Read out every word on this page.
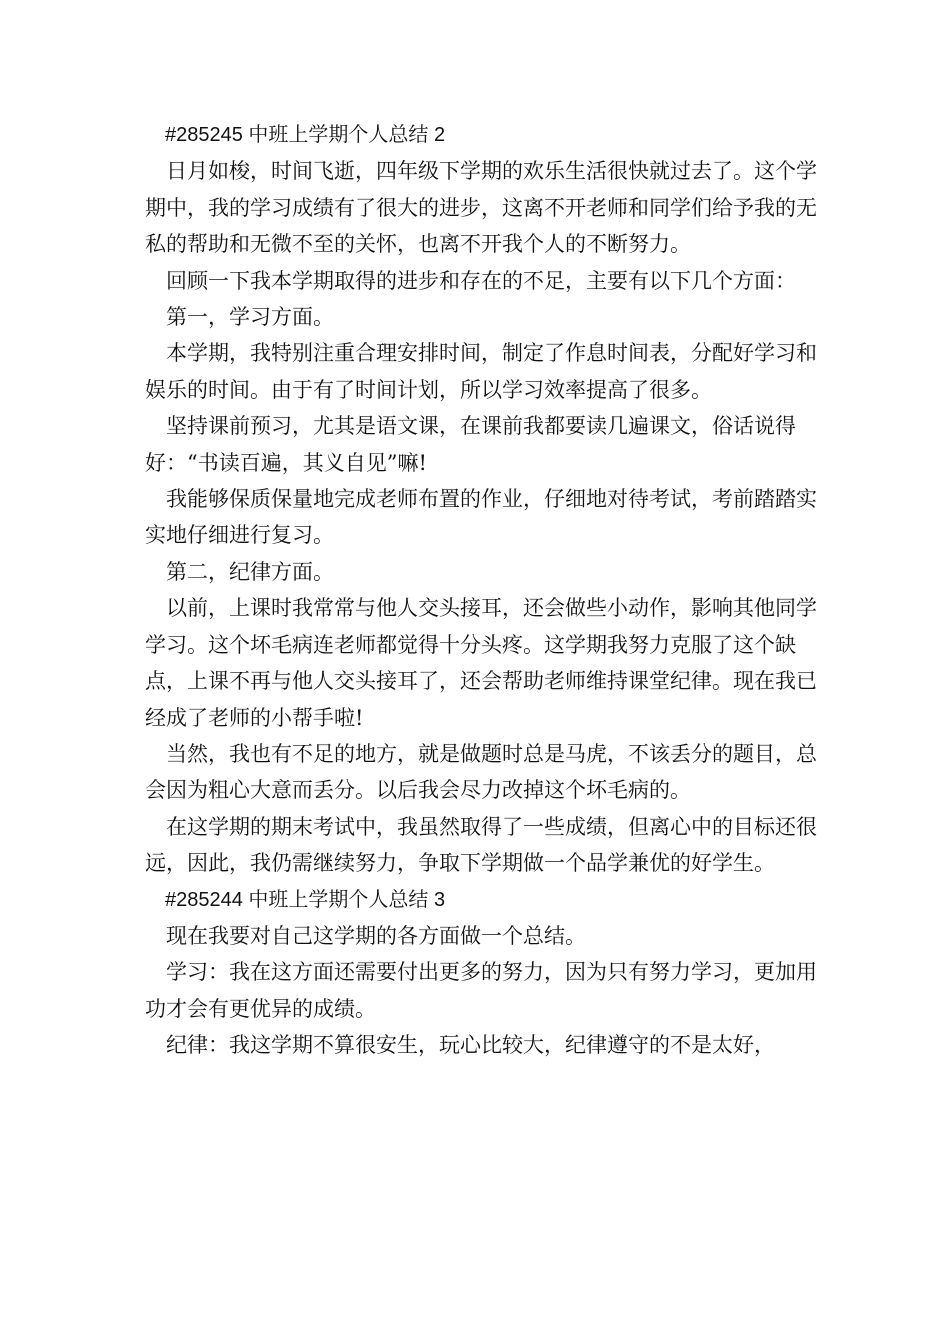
#285245 中班上学期个人总结 2

日月如梭，时间飞逝，四年级下学期的欢乐生活很快就过去了。这个学期中，我的学习成绩有了很大的进步，这离不开老师和同学们给予我的无私的帮助和无微不至的关怀，也离不开我个人的不断努力。

回顾一下我本学期取得的进步和存在的不足，主要有以下几个方面：

第一，学习方面。

本学期，我特别注重合理安排时间，制定了作息时间表，分配好学习和娱乐的时间。由于有了时间计划，所以学习效率提高了很多。

坚持课前预习，尤其是语文课，在课前我都要读几遍课文，俗话说得好：“书读百遍，其义自见”嘛!

我能够保质保量地完成老师布置的作业，仔细地对待考试，考前踏踏实实地仔细进行复习。

第二，纪律方面。

以前，上课时我常常与他人交头接耳，还会做些小动作，影响其他同学学习。这个坏毛病连老师都觉得十分头疼。这学期我努力克服了这个缺点，上课不再与他人交头接耳了，还会帮助老师维持课堂纪律。现在我已经成了老师的小帮手啦!

当然，我也有不足的地方，就是做题时总是马虎，不该丢分的题目，总会因为粗心大意而丢分。以后我会尽力改掉这个坏毛病的。

在这学期的期末考试中，我虽然取得了一些成绩，但离心中的目标还很远，因此，我仍需继续努力，争取下学期做一个品学兼优的好学生。

#285244 中班上学期个人总结 3

现在我要对自己这学期的各方面做一个总结。

学习：我在这方面还需要付出更多的努力，因为只有努力学习，更加用功才会有更优异的成绩。

纪律：我这学期不算很安生，玩心比较大，纪律遵守的不是太好，
